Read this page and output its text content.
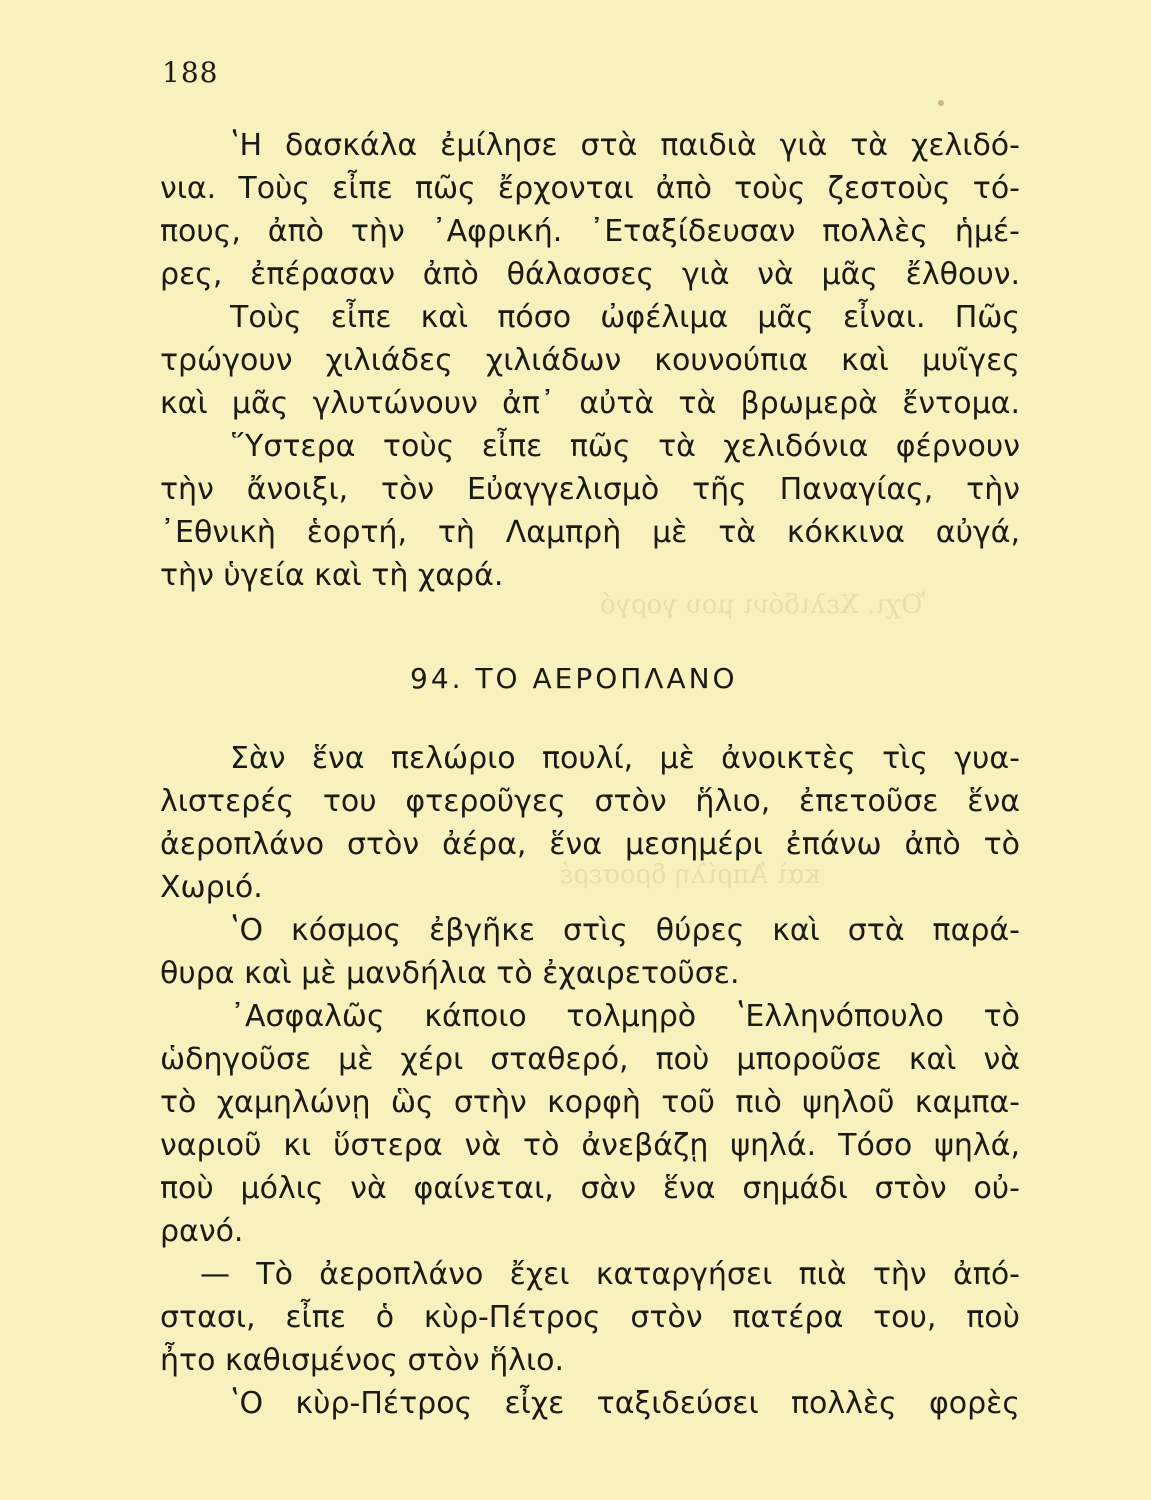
Ὄχι. Χελιδόνι μου γοργό
καὶ Ἀπρίλη δροσερέ
188
ʽΗ δασκάλα ἐμίλησε στὰ παιδιὰ γιὰ τὰ χελιδό-
νια. Τοὺς εἶπε πῶς ἔρχονται ἀπὸ τοὺς ζεστοὺς τό-
πους, ἀπὸ τὴν ᾿Αφρική. ᾿Εταξίδευσαν πολλὲς ἡμέ-
ρες, ἐπέρασαν ἀπὸ θάλασσες γιὰ νὰ μᾶς ἔλθουν.
Τοὺς εἶπε καὶ πόσο ὠφέλιμα μᾶς εἶναι. Πῶς
τρώγουν χιλιάδες χιλιάδων κουνούπια καὶ μυῖγες
καὶ μᾶς γλυτώνουν ἀπ᾿ αὐτὰ τὰ βρωμερὰ ἔντομα.
῞Υστερα τοὺς εἶπε πῶς τὰ χελιδόνια φέρνουν
τὴν ἄνοιξι, τὸν Εὐαγγελισμὸ τῆς Παναγίας, τὴν
᾿Εθνικὴ ἑορτή, τὴ Λαμπρὴ μὲ τὰ κόκκινα αὐγά,
τὴν ὑγεία καὶ τὴ χαρά.
94. ΤΟ ΑΕΡΟΠΛΑΝΟ
Σὰν ἕνα πελώριο πουλί, μὲ ἀνοικτὲς τὶς γυα-
λιστερές του φτεροῦγες στὸν ἥλιο, ἐπετοῦσε ἕνα
ἀεροπλάνο στὸν ἀέρα, ἕνα μεσημέρι ἐπάνω ἀπὸ τὸ
Χωριό.
ʽΟ κόσμος ἐβγῆκε στὶς θύρες καὶ στὰ παρά-
θυρα καὶ μὲ μανδήλια τὸ ἐχαιρετοῦσε.
᾿Ασφαλῶς κάποιο τολμηρὸ ʽΕλληνόπουλο τὸ
ὡδηγοῦσε μὲ χέρι σταθερό, ποὺ μποροῦσε καὶ νὰ
τὸ χαμηλώνῃ ὣς στὴν κορφὴ τοῦ πιὸ ψηλοῦ καμπα-
ναριοῦ κι ὕστερα νὰ τὸ ἀνεβάζῃ ψηλά. Τόσο ψηλά,
ποὺ μόλις νὰ φαίνεται, σὰν ἕνα σημάδι στὸν οὐ-
ρανό.
— Τὸ ἀεροπλάνο ἔχει καταργήσει πιὰ τὴν ἀπό-
στασι, εἶπε ὁ κὺρ-Πέτρος στὸν πατέρα του, ποὺ
ἦτο καθισμένος στὸν ἥλιο.
ʽΟ κὺρ-Πέτρος εἶχε ταξιδεύσει πολλὲς φορὲς
